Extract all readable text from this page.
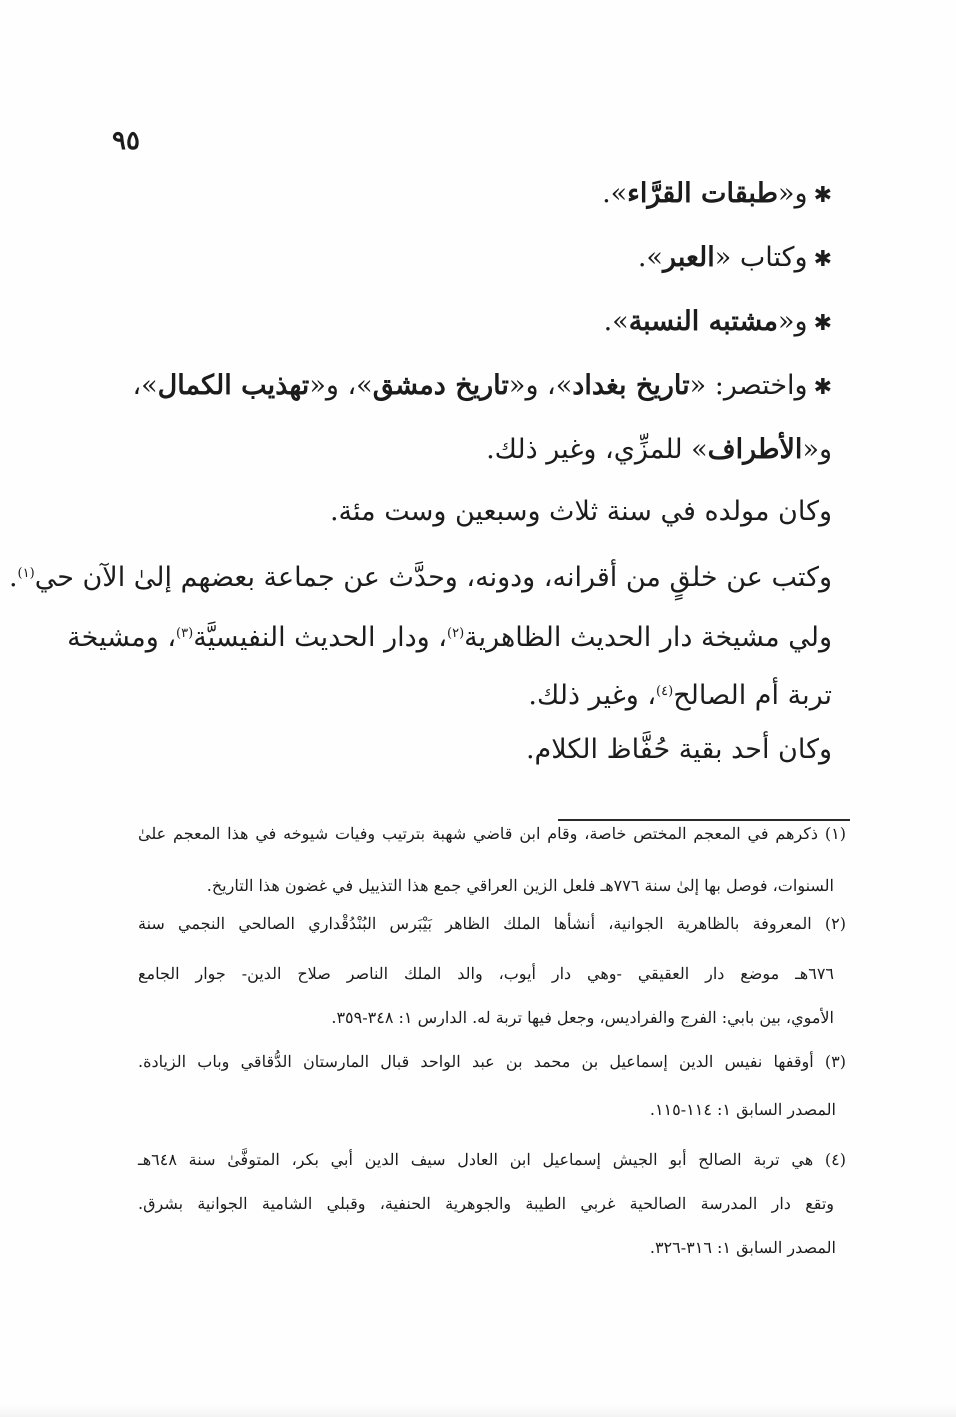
٩٥
✱و«طبقات القرَّاء».
✱وكتاب «العبر».
✱و«مشتبه النسبة».
✱واختصر: «تاريخ بغداد»، و«تاريخ دمشق»، و«تهذيب الكمال»،
و«الأطراف» للمزِّي، وغير ذلك.
وكان مولده في سنة ثلاث وسبعين وست مئة.
وكتب عن خلقٍ من أقرانه، ودونه، وحدَّث عن جماعة بعضهم إلىٰ الآن حي$^{(١)}$.
ولي مشيخة دار الحديث الظاهرية$^{(٢)}$، ودار الحديث النفيسيَّة$^{(٣)}$، ومشيخة
تربة أم الصالح$^{(٤)}$، وغير ذلك.
وكان أحد بقية حُفَّاظ الكلام.
(١) ذكرهم في المعجم المختص خاصة، وقام ابن قاضي شهبة بترتيب وفيات شيوخه في هذا المعجم علىٰ
السنوات، فوصل بها إلىٰ سنة ٧٧٦هـ فلعل الزين العراقي جمع هذا التذييل في غضون هذا التاريخ.
(٢) المعروفة بالظاهرية الجوانية، أنشأها الملك الظاهر بَيْبَرس البُنْدُقْداري الصالحي النجمي سنة
٦٧٦هـ موضع دار العقيقي -وهي دار أيوب، والد الملك الناصر صلاح الدين- جوار الجامع
الأموي، بين بابي: الفرج والفراديس، وجعل فيها تربة له. الدارس ١: ٣٤٨-٣٥٩.
(٣) أوقفها نفيس الدين إسماعيل بن محمد بن عبد الواحد قبال المارستان الدُّقاقي وباب الزيادة.
المصدر السابق ١: ١١٤-١١٥.
(٤) هي تربة الصالح أبو الجيش إسماعيل ابن العادل سيف الدين أبي بكر، المتوفَّىٰ سنة ٦٤٨هـ
وتقع دار المدرسة الصالحية غربي الطيبة والجوهرية الحنفية، وقبلي الشامية الجوانية بشرق.
المصدر السابق ١: ٣١٦-٣٢٦.
